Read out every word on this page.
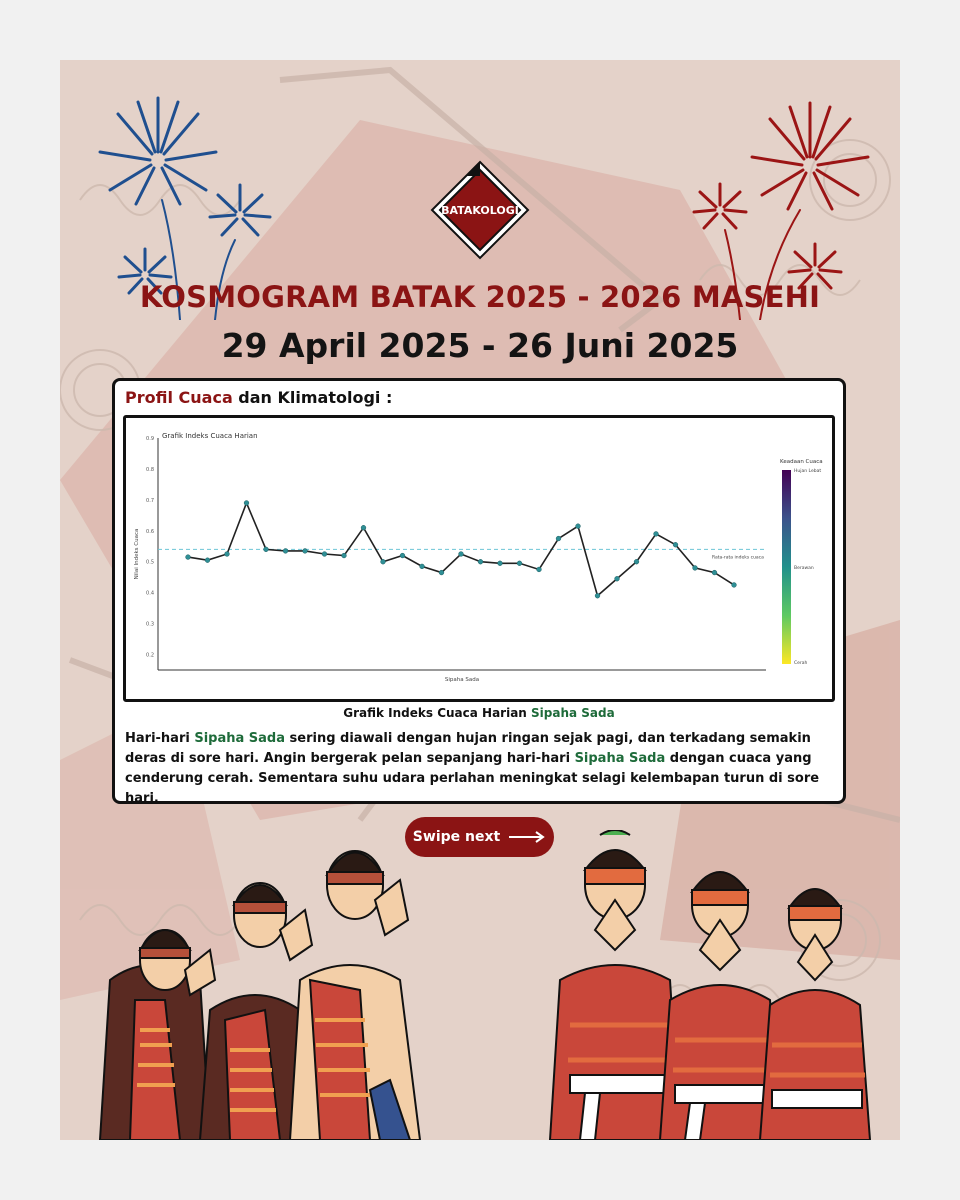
BATAKOLOGI
KOSMOGRAM BATAK 2025 - 2026 MASEHI
29 April 2025 - 26 Juni 2025
Profil Cuaca dan Klimatologi :
Grafik Indeks Cuaca Harian
0.2
0.3
0.4
0.5
0.6
0.7
0.8
0.9
Nilai Indeks Cuaca
Sipaha Sada
Rata-rata indeks cuaca
Keadaan Cuaca
Hujan Lebat
Berawan
Cerah
Grafik Indeks Cuaca Harian Sipaha Sada
Hari-hari Sipaha Sada sering diawali dengan hujan ringan sejak pagi, dan terkadang semakin deras di sore hari. Angin bergerak pelan sepanjang hari-hari Sipaha Sada dengan cuaca yang cenderung cerah. Sementara suhu udara perlahan meningkat selagi kelembapan turun di sore hari.
Swipe next
